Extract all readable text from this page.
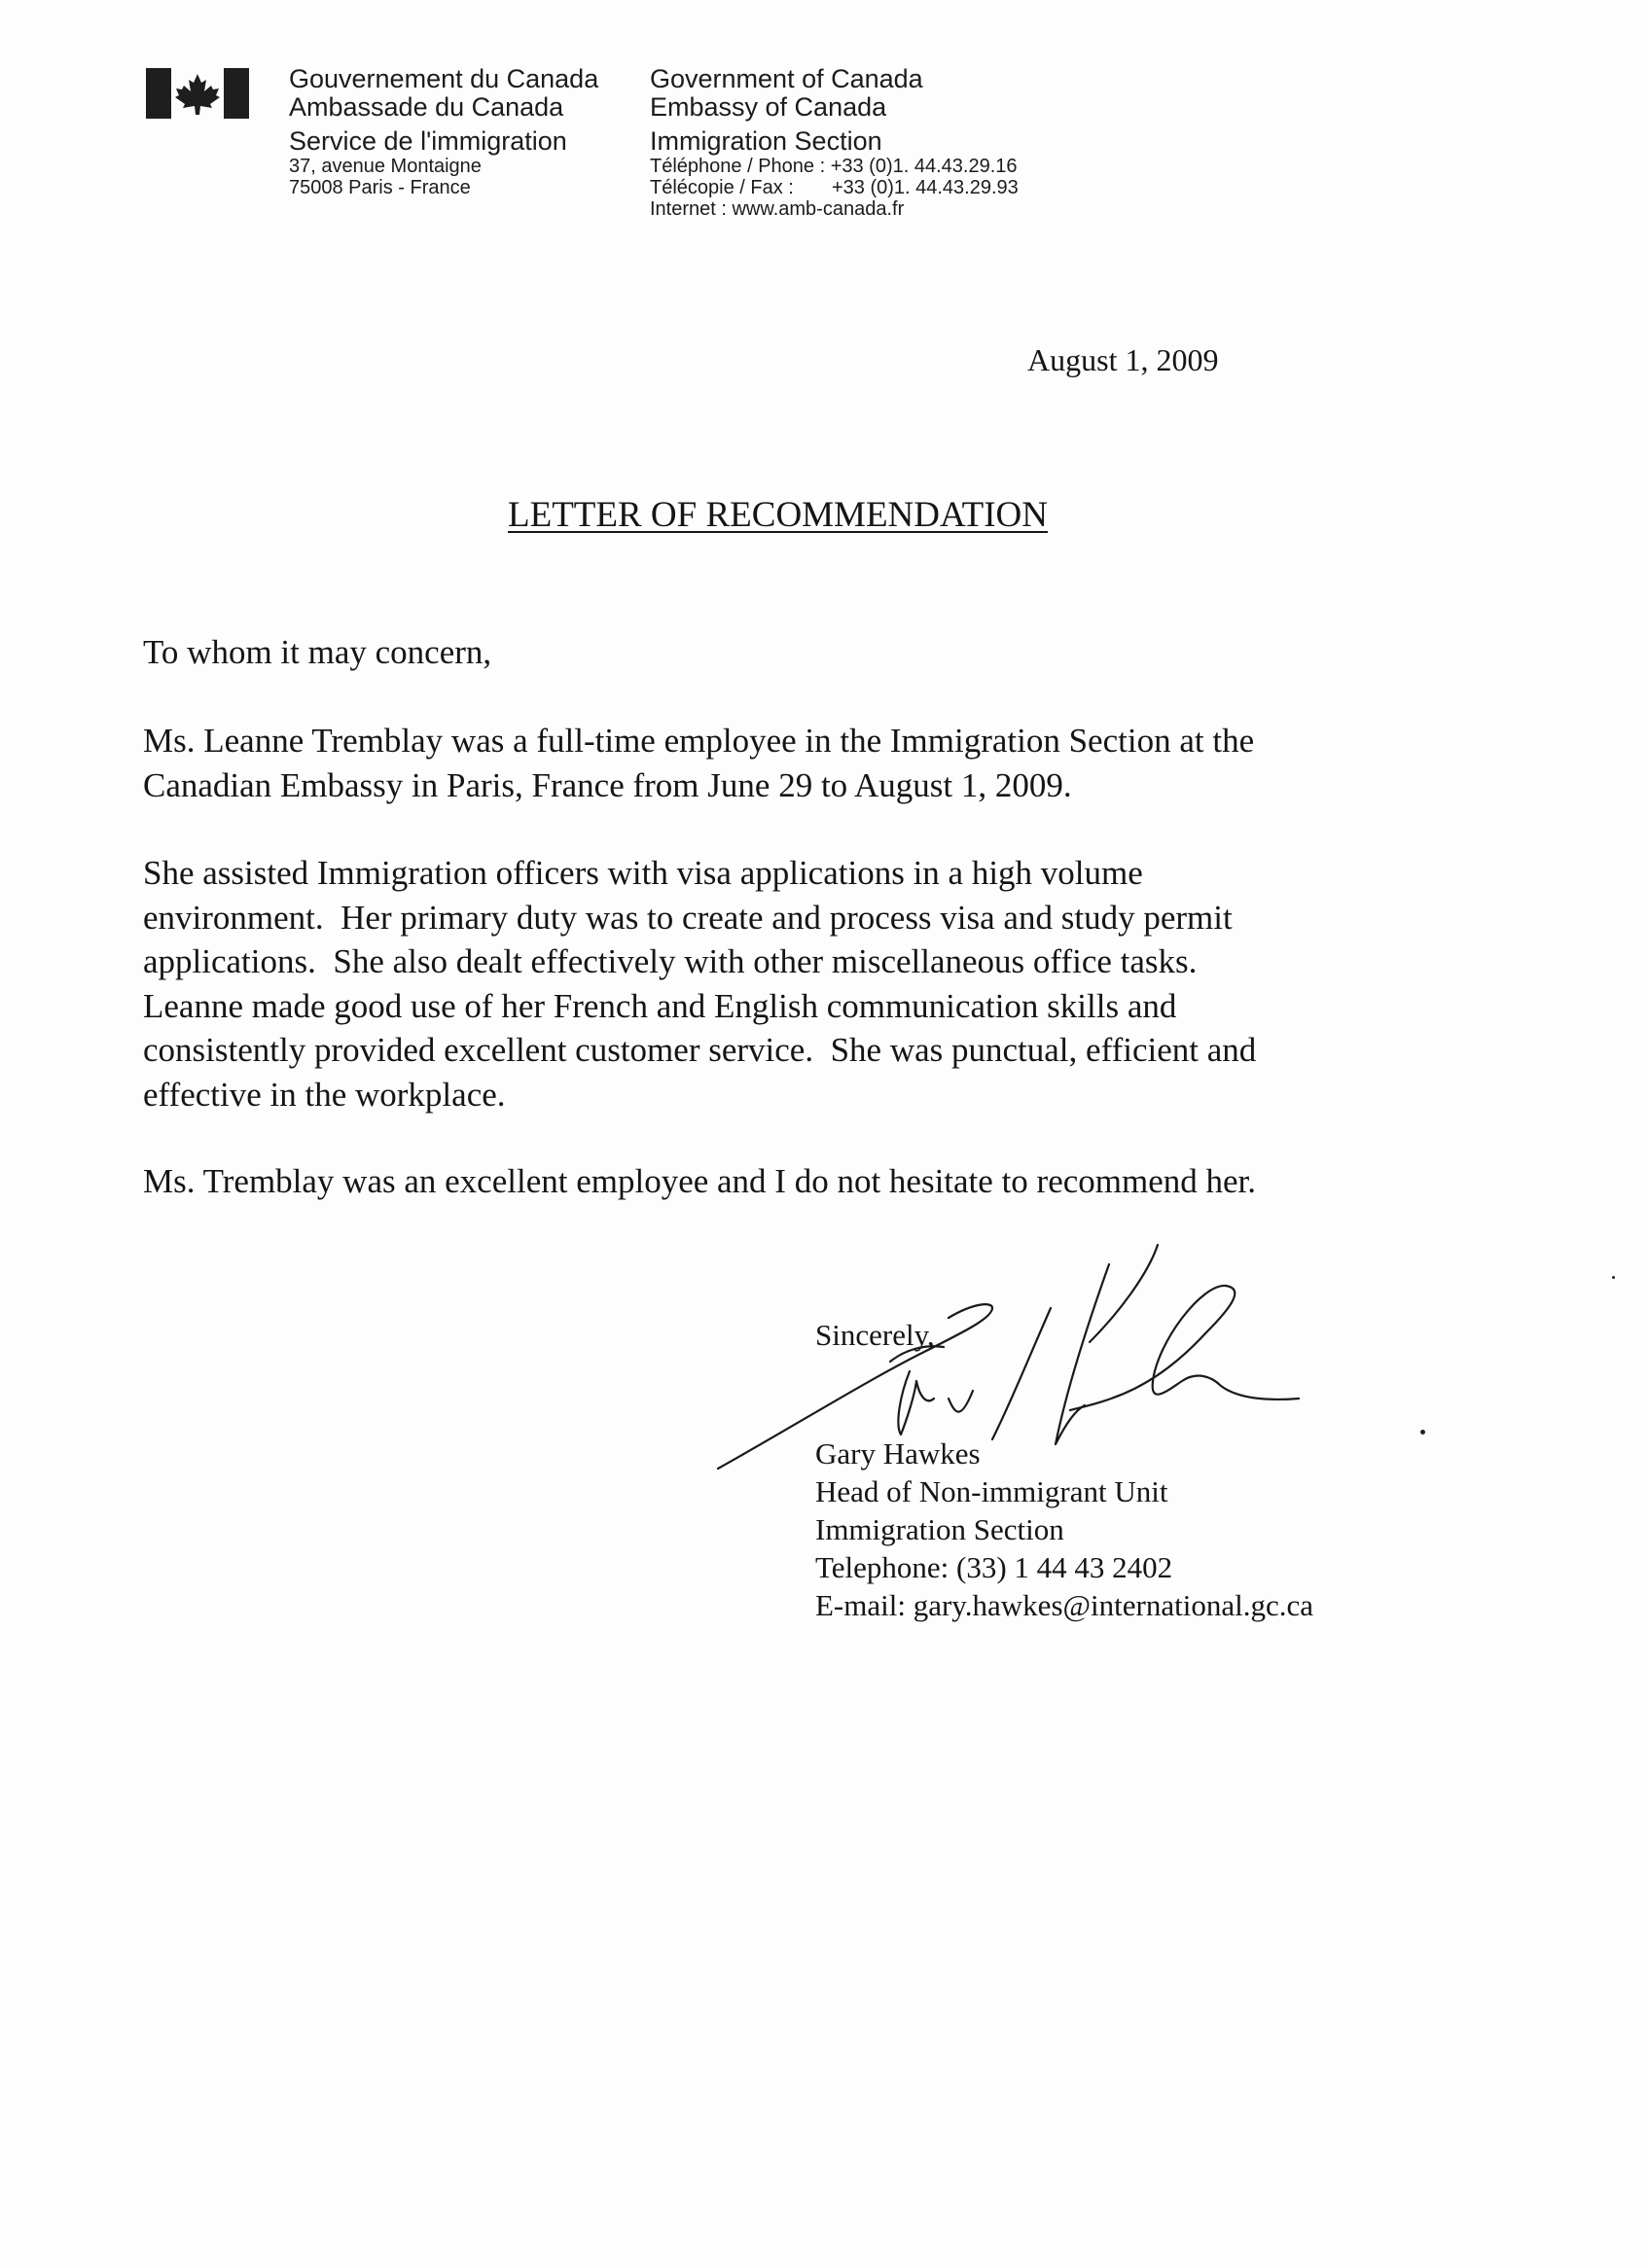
Gouvernement du Canada
Ambassade du Canada
Service de l'immigration
37, avenue Montaigne
75008 Paris - France
Government of Canada
Embassy of Canada
Immigration Section
Téléphone / Phone : +33 (0)1. 44.43.29.16
Télécopie / Fax : +33 (0)1. 44.43.29.93
Internet : www.amb-canada.fr
August 1, 2009
LETTER OF RECOMMENDATION
To whom it may concern,
Ms. Leanne Tremblay was a full-time employee in the Immigration Section at the
Canadian Embassy in Paris, France from June 29 to August 1, 2009.
She assisted Immigration officers with visa applications in a high volume
environment.  Her primary duty was to create and process visa and study permit
applications.  She also dealt effectively with other miscellaneous office tasks.
Leanne made good use of her French and English communication skills and
consistently provided excellent customer service.  She was punctual, efficient and
effective in the workplace.
Ms. Tremblay was an excellent employee and I do not hesitate to recommend her.
Sincerely,
Gary Hawkes
Head of Non-immigrant Unit
Immigration Section
Telephone: (33) 1 44 43 2402
E-mail: gary.hawkes@international.gc.ca
